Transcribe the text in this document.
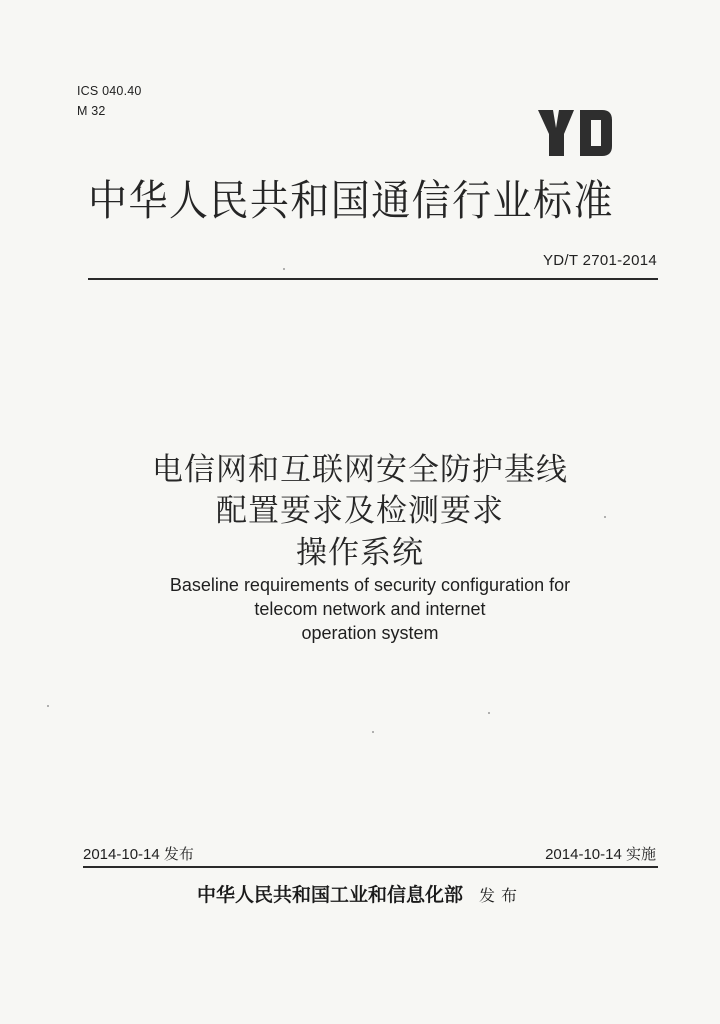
ICS 040.40
M 32
中华人民共和国通信行业标准
YD/T 2701-2014
电信网和互联网安全防护基线
配置要求及检测要求
操作系统
Baseline requirements of security configuration for
telecom network and internet
operation system
2014-10-14 发布	2014-10-14 实施
中华人民共和国工业和信息化部 发布
